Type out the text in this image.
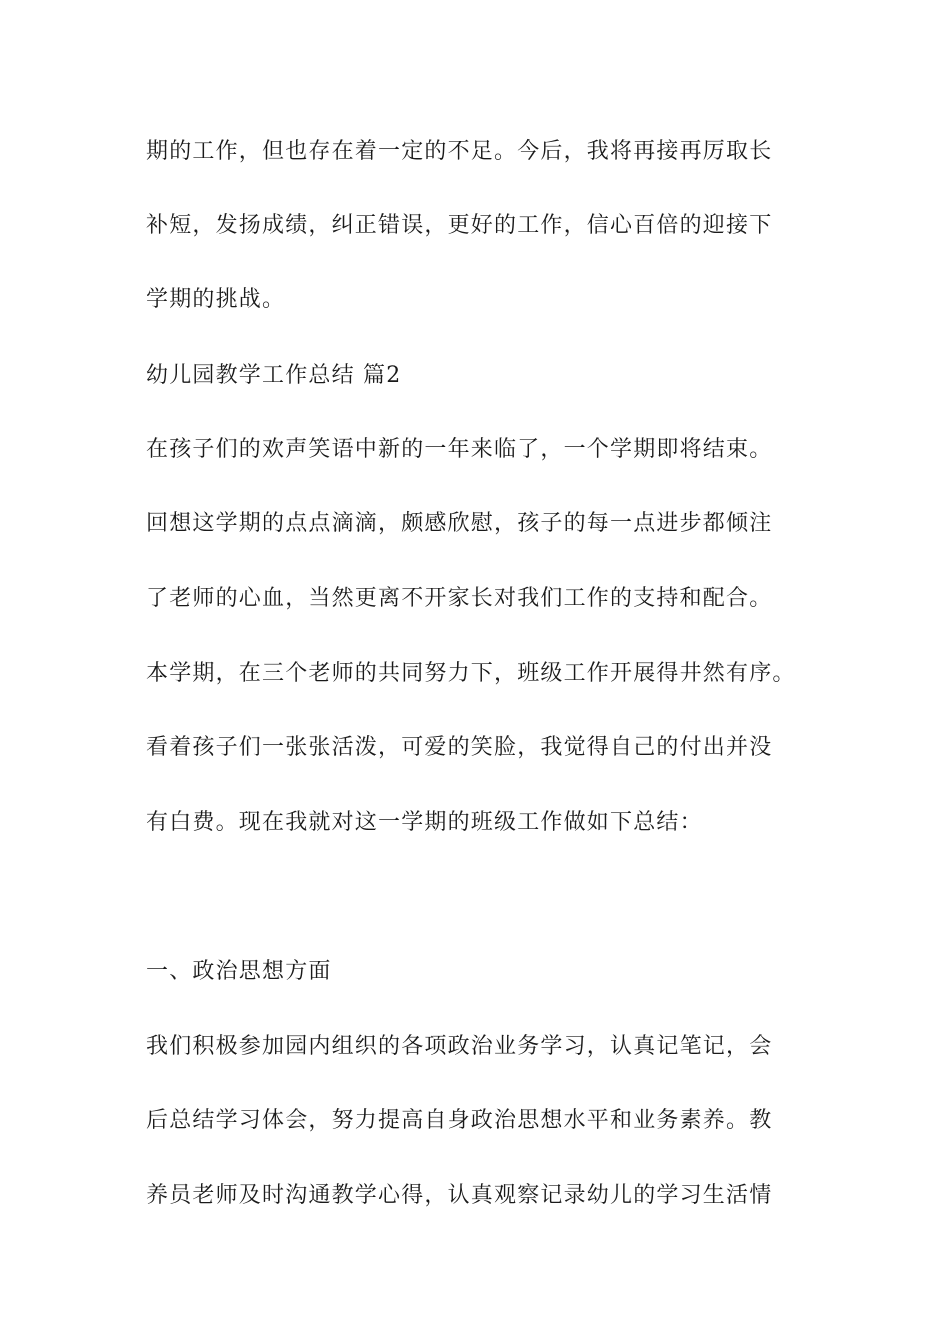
期的工作，但也存在着一定的不足。今后，我将再接再厉取长
补短，发扬成绩，纠正错误，更好的工作，信心百倍的迎接下
学期的挑战。
幼儿园教学工作总结 篇2
在孩子们的欢声笑语中新的一年来临了，一个学期即将结束。
回想这学期的点点滴滴，颇感欣慰，孩子的每一点进步都倾注
了老师的心血，当然更离不开家长对我们工作的支持和配合。
本学期，在三个老师的共同努力下，班级工作开展得井然有序。
看着孩子们一张张活泼，可爱的笑脸，我觉得自己的付出并没
有白费。现在我就对这一学期的班级工作做如下总结：
一、政治思想方面
我们积极参加园内组织的各项政治业务学习，认真记笔记，会
后总结学习体会，努力提高自身政治思想水平和业务素养。教
养员老师及时沟通教学心得，认真观察记录幼儿的学习生活情
